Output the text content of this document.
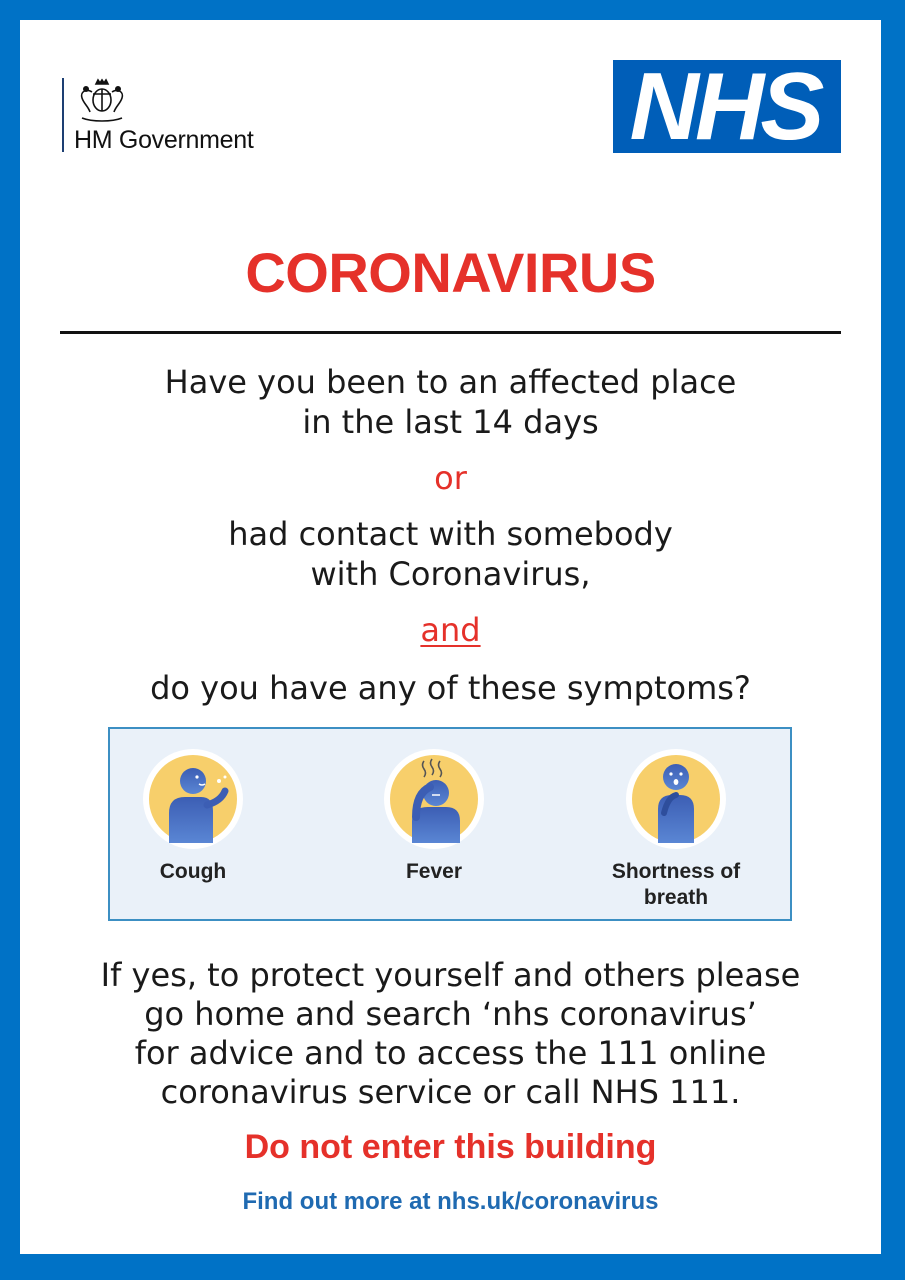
HM Government	NHS
CORONAVIRUS
Have you been to an affected place
in the last 14 days
or
had contact with somebody
with Coronavirus,
and
do you have any of these symptoms?
Cough	Fever	Shortness of
breath
If yes, to protect yourself and others please
go home and search ‘nhs coronavirus’
for advice and to access the 111 online
coronavirus service or call NHS 111.
Do not enter this building
Find out more at nhs.uk/coronavirus
